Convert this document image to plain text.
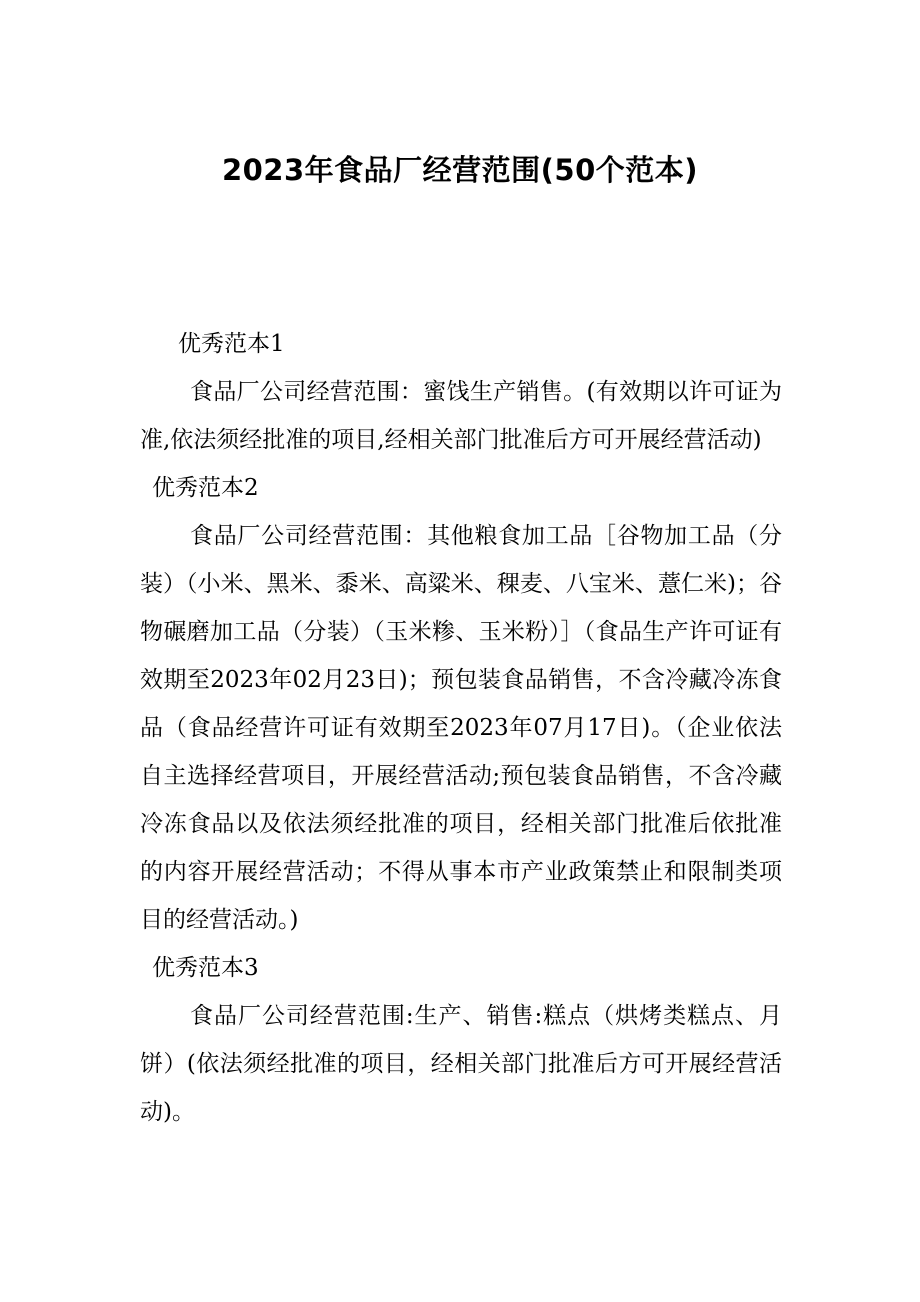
2023年食品厂经营范围(50个范本)

优秀范本1

食品厂公司经营范围：蜜饯生产销售。(有效期以许可证为准,依法须经批准的项目,经相关部门批准后方可开展经营活动)

优秀范本2

食品厂公司经营范围：其他粮食加工品［谷物加工品（分装）（小米、黑米、黍米、高粱米、稞麦、八宝米、薏仁米)；谷物碾磨加工品（分装）（玉米糁、玉米粉）］（食品生产许可证有效期至2023年02月23日)；预包装食品销售，不含冷藏冷冻食品（食品经营许可证有效期至2023年07月17日)。（企业依法自主选择经营项目，开展经营活动;预包装食品销售，不含冷藏冷冻食品以及依法须经批准的项目，经相关部门批准后依批准的内容开展经营活动；不得从事本市产业政策禁止和限制类项目的经营活动。)

优秀范本3

食品厂公司经营范围:生产、销售:糕点（烘烤类糕点、月饼）(依法须经批准的项目，经相关部门批准后方可开展经营活动)。
